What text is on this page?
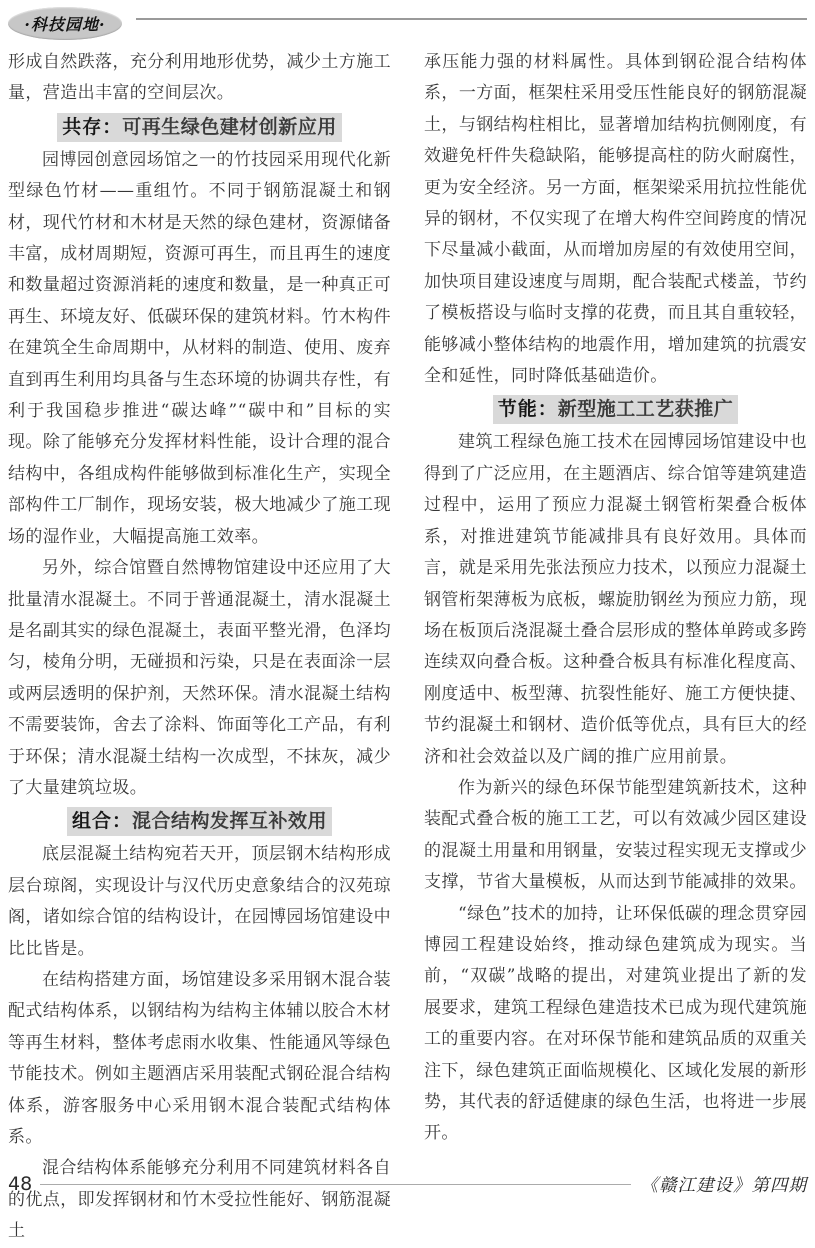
·科技园地·

形成自然跌落，充分利用地形优势，减少土方施工量，营造出丰富的空间层次。

共存：可再生绿色建材创新应用

园博园创意园场馆之一的竹技园采用现代化新型绿色竹材——重组竹。不同于钢筋混凝土和钢材，现代竹材和木材是天然的绿色建材，资源储备丰富，成材周期短，资源可再生，而且再生的速度和数量超过资源消耗的速度和数量，是一种真正可再生、环境友好、低碳环保的建筑材料。竹木构件在建筑全生命周期中，从材料的制造、使用、废弃直到再生利用均具备与生态环境的协调共存性，有利于我国稳步推进“碳达峰”“碳中和”目标的实现。除了能够充分发挥材料性能，设计合理的混合结构中，各组成构件能够做到标准化生产，实现全部构件工厂制作，现场安装，极大地减少了施工现场的湿作业，大幅提高施工效率。

另外，综合馆暨自然博物馆建设中还应用了大批量清水混凝土。不同于普通混凝土，清水混凝土是名副其实的绿色混凝土，表面平整光滑，色泽均匀，棱角分明，无碰损和污染，只是在表面涂一层或两层透明的保护剂，天然环保。清水混凝土结构不需要装饰，舍去了涂料、饰面等化工产品，有利于环保；清水混凝土结构一次成型，不抹灰，减少了大量建筑垃圾。

组合：混合结构发挥互补效用

底层混凝土结构宛若天开，顶层钢木结构形成层台琼阁，实现设计与汉代历史意象结合的汉苑琼阁，诸如综合馆的结构设计，在园博园场馆建设中比比皆是。

在结构搭建方面，场馆建设多采用钢木混合装配式结构体系，以钢结构为结构主体辅以胶合木材等再生材料，整体考虑雨水收集、性能通风等绿色节能技术。例如主题酒店采用装配式钢砼混合结构体系，游客服务中心采用钢木混合装配式结构体系。

混合结构体系能够充分利用不同建筑材料各自的优点，即发挥钢材和竹木受拉性能好、钢筋混凝土

承压能力强的材料属性。具体到钢砼混合结构体系，一方面，框架柱采用受压性能良好的钢筋混凝土，与钢结构柱相比，显著增加结构抗侧刚度，有效避免杆件失稳缺陷，能够提高柱的防火耐腐性，更为安全经济。另一方面，框架梁采用抗拉性能优异的钢材，不仅实现了在增大构件空间跨度的情况下尽量减小截面，从而增加房屋的有效使用空间，加快项目建设速度与周期，配合装配式楼盖，节约了模板搭设与临时支撑的花费，而且其自重较轻，能够减小整体结构的地震作用，增加建筑的抗震安全和延性，同时降低基础造价。

节能：新型施工工艺获推广

建筑工程绿色施工技术在园博园场馆建设中也得到了广泛应用，在主题酒店、综合馆等建筑建造过程中，运用了预应力混凝土钢管桁架叠合板体系，对推进建筑节能减排具有良好效用。具体而言，就是采用先张法预应力技术，以预应力混凝土钢管桁架薄板为底板，螺旋肋钢丝为预应力筋，现场在板顶后浇混凝土叠合层形成的整体单跨或多跨连续双向叠合板。这种叠合板具有标准化程度高、刚度适中、板型薄、抗裂性能好、施工方便快捷、节约混凝土和钢材、造价低等优点，具有巨大的经济和社会效益以及广阔的推广应用前景。

作为新兴的绿色环保节能型建筑新技术，这种装配式叠合板的施工工艺，可以有效减少园区建设的混凝土用量和用钢量，安装过程实现无支撑或少支撑，节省大量模板，从而达到节能减排的效果。

“绿色”技术的加持，让环保低碳的理念贯穿园博园工程建设始终，推动绿色建筑成为现实。当前，“双碳”战略的提出，对建筑业提出了新的发展要求，建筑工程绿色建造技术已成为现代建筑施工的重要内容。在对环保节能和建筑品质的双重关注下，绿色建筑正面临规模化、区域化发展的新形势，其代表的舒适健康的绿色生活，也将进一步展开。

48	《赣江建设》第四期
